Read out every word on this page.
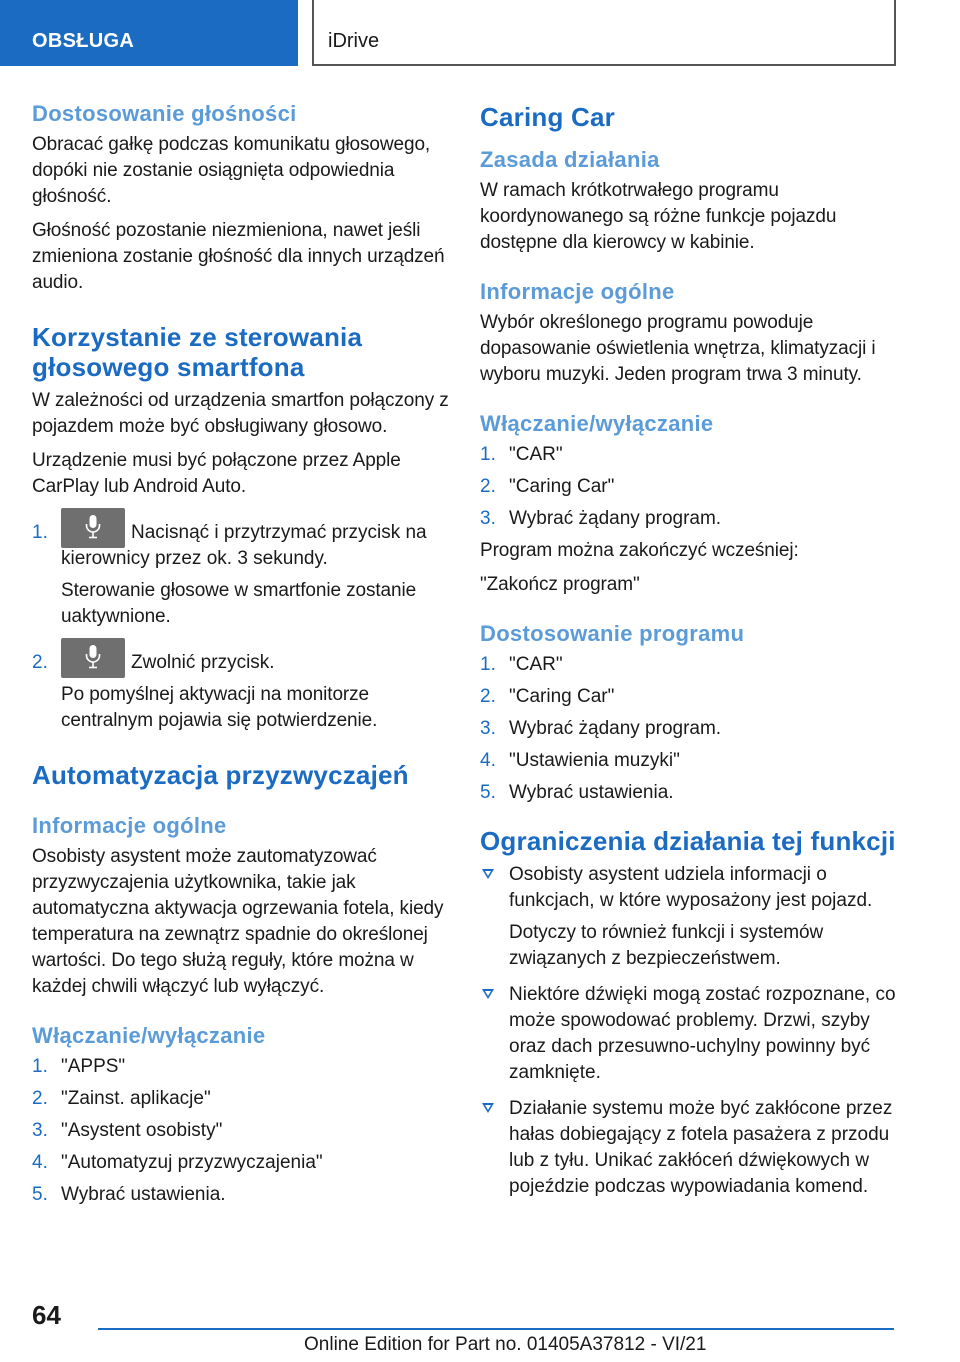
OBSŁUGA	iDrive
Dostosowanie głośności

Obracać gałkę podczas komunikatu głosowego, dopóki nie zostanie osiągnięta odpowiednia głośność.

Głośność pozostanie niezmieniona, nawet jeśli zmieniona zostanie głośność dla innych urządzeń audio.

Korzystanie ze sterowania głosowego smartfona

W zależności od urządzenia smartfon połączony z pojazdem może być obsługiwany głosowo.

Urządzenie musi być połączone przez Apple CarPlay lub Android Auto.

1.	Nacisnąć i przytrzymać przycisk na kierownicy przez ok. 3 sekundy.

Sterowanie głosowe w smartfonie zostanie uaktywnione.

2.	Zwolnić przycisk.

Po pomyślnej aktywacji na monitorze centralnym pojawia się potwierdzenie.

Automatyzacja przyzwyczajeń
Informacje ogólne

Osobisty asystent może zautomatyzować przyzwyczajenia użytkownika, takie jak automatyczna aktywacja ogrzewania fotela, kiedy temperatura na zewnątrz spadnie do określonej wartości. Do tego służą reguły, które można w każdej chwili włączyć lub wyłączyć.

Włączanie/wyłączanie
1. "APPS"
2. "Zainst. aplikacje"
3. "Asystent osobisty"
4. "Automatyzuj przyzwyczajenia"
5. Wybrać ustawienia.
Caring Car
Zasada działania

W ramach krótkotrwałego programu koordynowanego są różne funkcje pojazdu dostępne dla kierowcy w kabinie.

Informacje ogólne

Wybór określonego programu powoduje dopasowanie oświetlenia wnętrza, klimatyzacji i wyboru muzyki. Jeden program trwa 3 minuty.

Włączanie/wyłączanie
1. "CAR"
2. "Caring Car"
3. Wybrać żądany program.

Program można zakończyć wcześniej:

"Zakończ program"

Dostosowanie programu
1. "CAR"
2. "Caring Car"
3. Wybrać żądany program.
4. "Ustawienia muzyki"
5. Wybrać ustawienia.
Ograniczenia działania tej funkcji
Osobisty asystent udziela informacji o funkcjach, w które wyposażony jest pojazd.

Dotyczy to również funkcji i systemów związanych z bezpieczeństwem.

Niektóre dźwięki mogą zostać rozpoznane, co może spowodować problemy. Drzwi, szyby oraz dach przesuwno-uchylny powinny być zamknięte.
Działanie systemu może być zakłócone przez hałas dobiegający z fotela pasażera z przodu lub z tyłu. Unikać zakłóceń dźwiękowych w pojeździe podczas wypowiadania komend.
64
Online Edition for Part no. 01405A37812 - VI/21
